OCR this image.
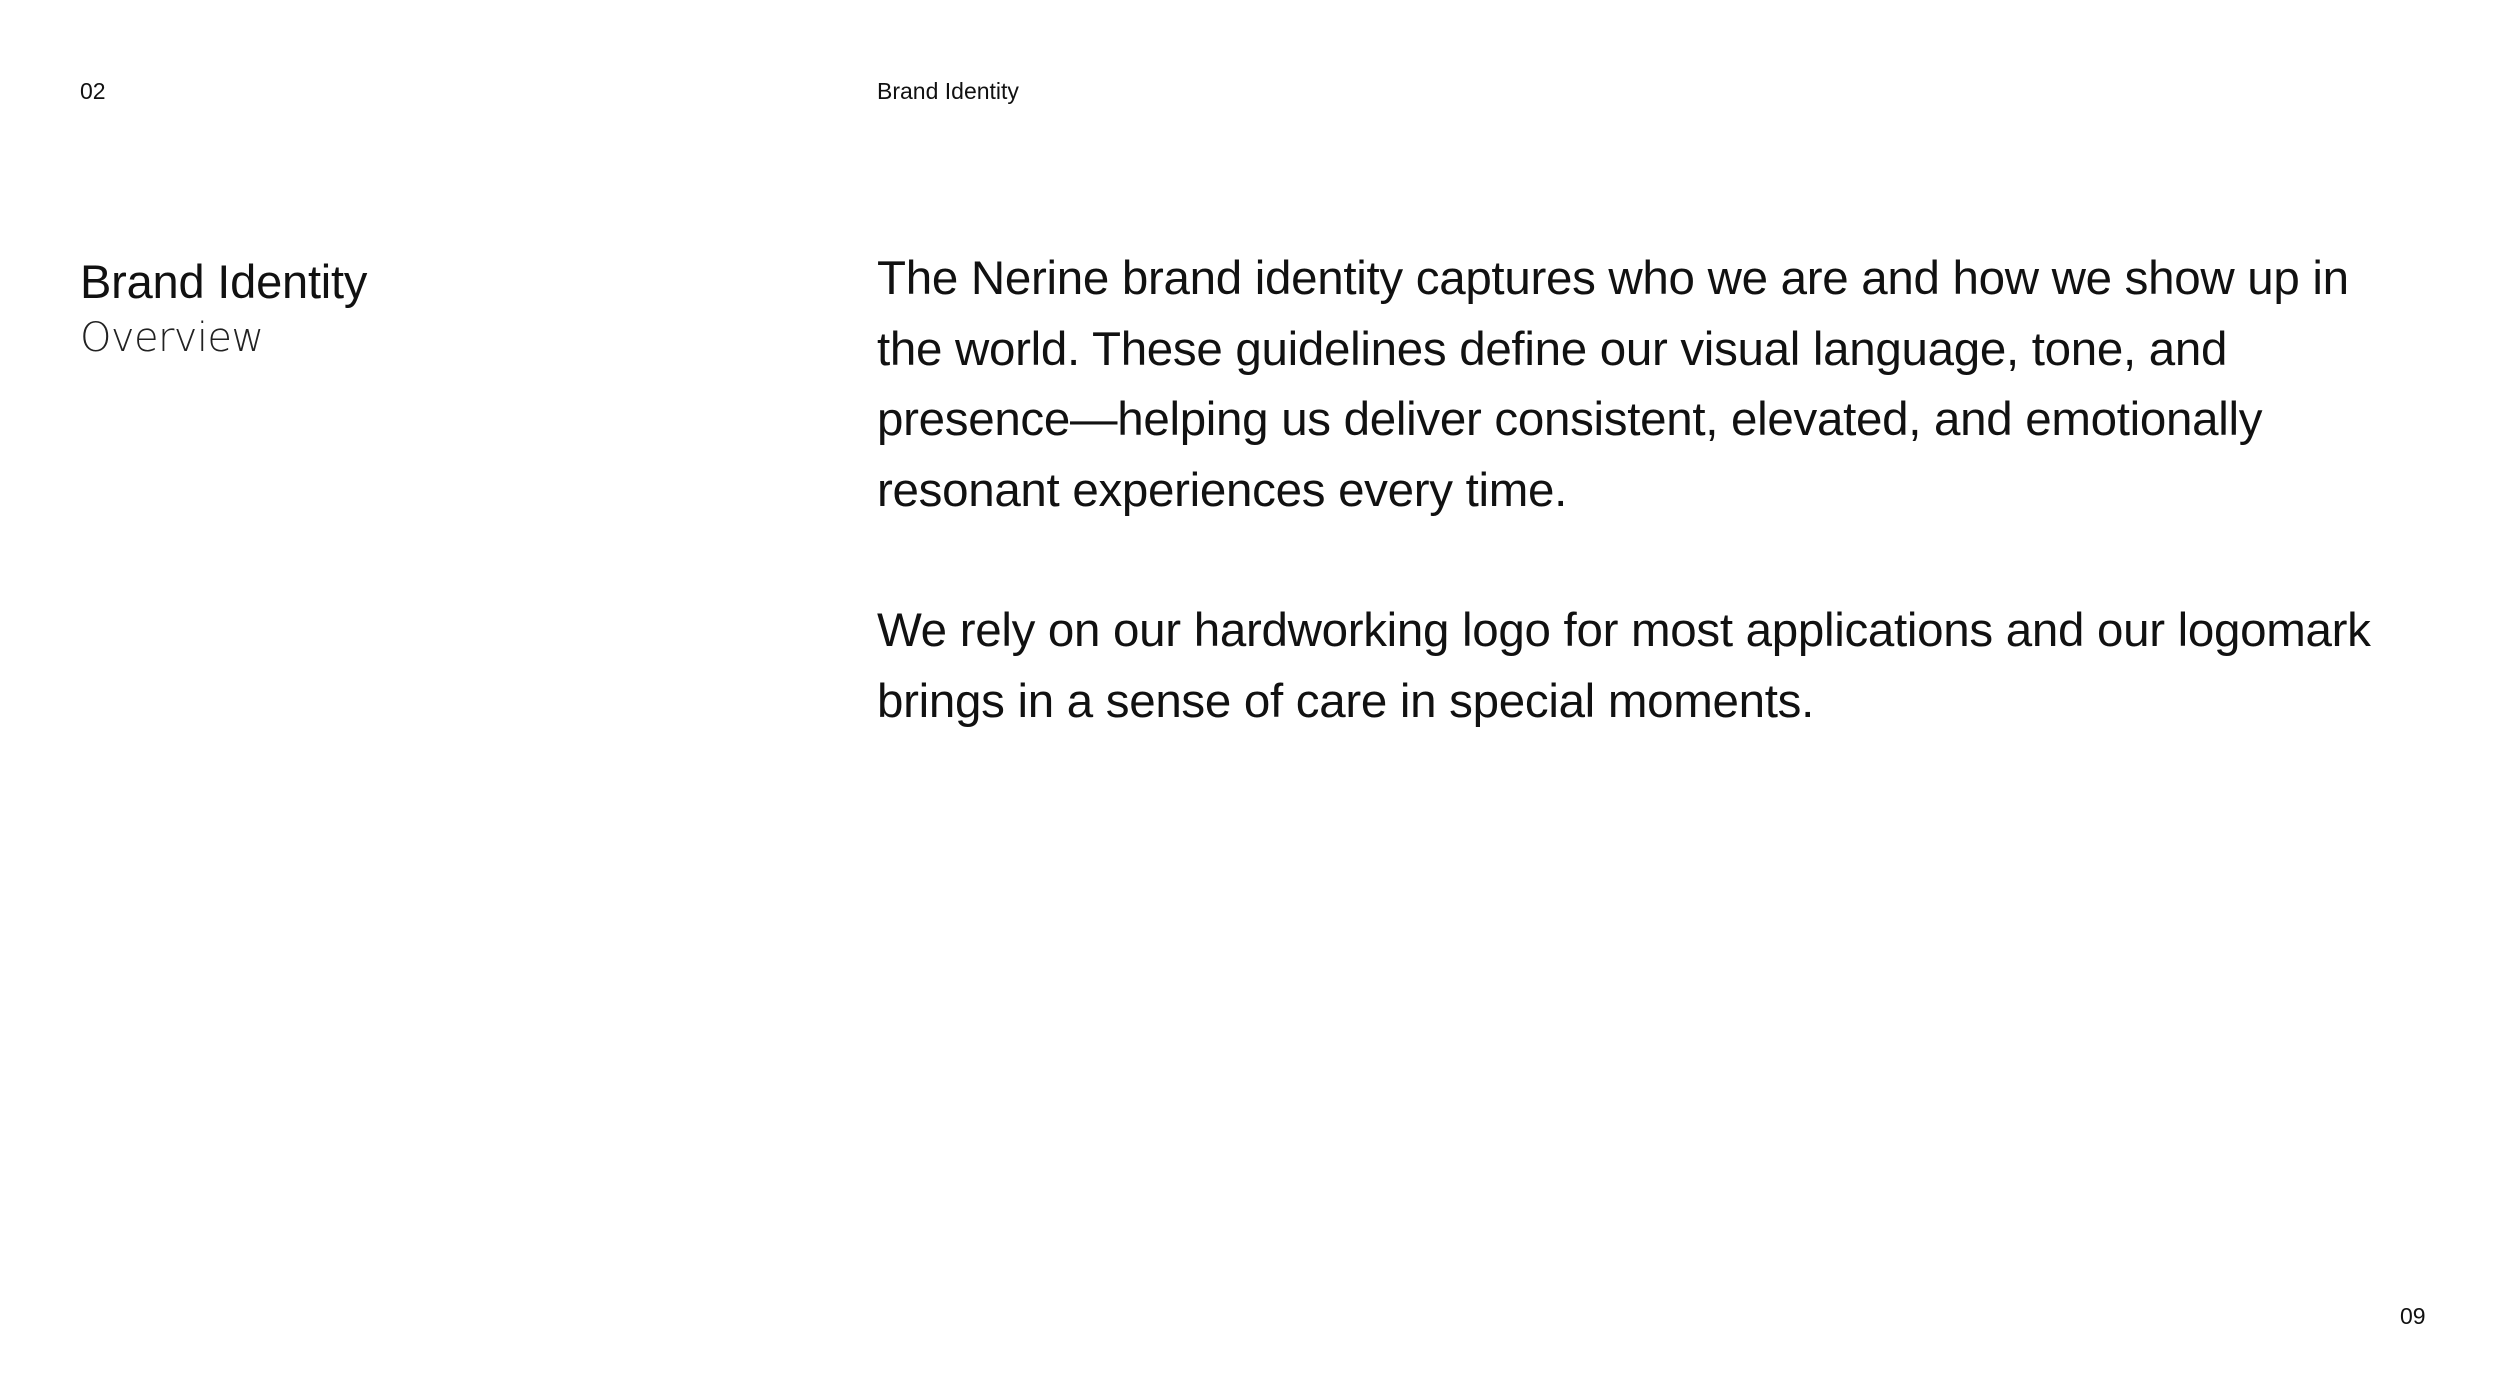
02	Brand Identity
Brand Identity
Overview

The Nerine brand identity captures who we are and how we show up in the world. These guidelines define our visual language, tone, and presence—helping us deliver consistent, elevated, and emotionally resonant experiences every time.

We rely on our hardworking logo for most applications and our logomark brings in a sense of care in special moments.

09
